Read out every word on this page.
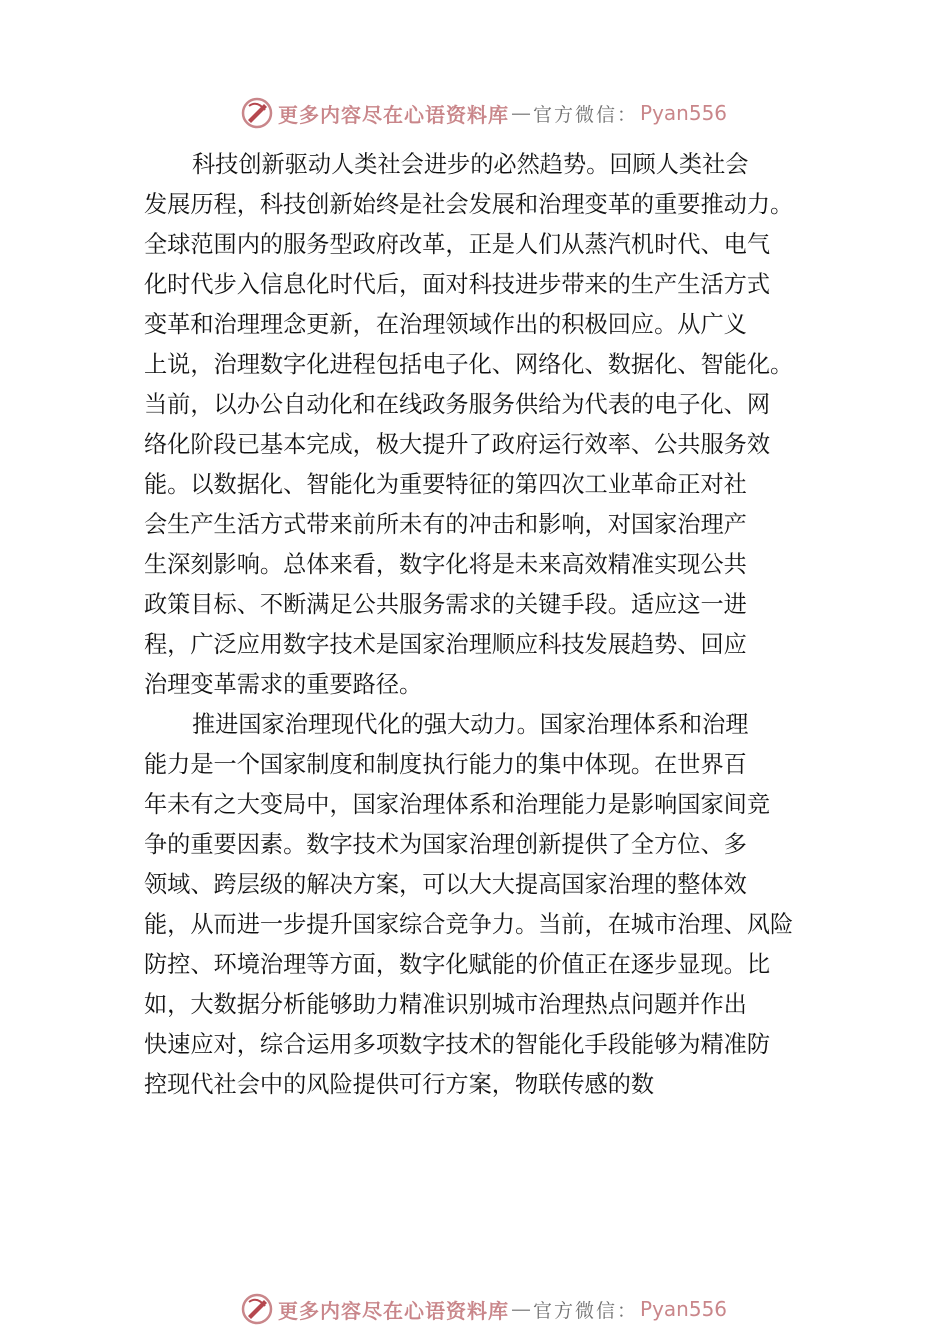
更多内容尽在心语资料库 — 官方微信： Pyan556
科技创新驱动人类社会进步的必然趋势。回顾人类社会
发展历程，科技创新始终是社会发展和治理变革的重要推动力。
全球范围内的服务型政府改革，正是人们从蒸汽机时代、电气
化时代步入信息化时代后，面对科技进步带来的生产生活方式
变革和治理理念更新，在治理领域作出的积极回应。从广义
上说，治理数字化进程包括电子化、网络化、数据化、智能化。
当前，以办公自动化和在线政务服务供给为代表的电子化、网
络化阶段已基本完成，极大提升了政府运行效率、公共服务效
能。以数据化、智能化为重要特征的第四次工业革命正对社
会生产生活方式带来前所未有的冲击和影响，对国家治理产
生深刻影响。总体来看，数字化将是未来高效精准实现公共
政策目标、不断满足公共服务需求的关键手段。适应这一进
程，广泛应用数字技术是国家治理顺应科技发展趋势、回应
治理变革需求的重要路径。
推进国家治理现代化的强大动力。国家治理体系和治理
能力是一个国家制度和制度执行能力的集中体现。在世界百
年未有之大变局中，国家治理体系和治理能力是影响国家间竞
争的重要因素。数字技术为国家治理创新提供了全方位、多
领域、跨层级的解决方案，可以大大提高国家治理的整体效
能，从而进一步提升国家综合竞争力。当前，在城市治理、风险
防控、环境治理等方面，数字化赋能的价值正在逐步显现。比
如，大数据分析能够助力精准识别城市治理热点问题并作出
快速应对，综合运用多项数字技术的智能化手段能够为精准防
控现代社会中的风险提供可行方案，物联传感的数
更多内容尽在心语资料库 — 官方微信： Pyan556
